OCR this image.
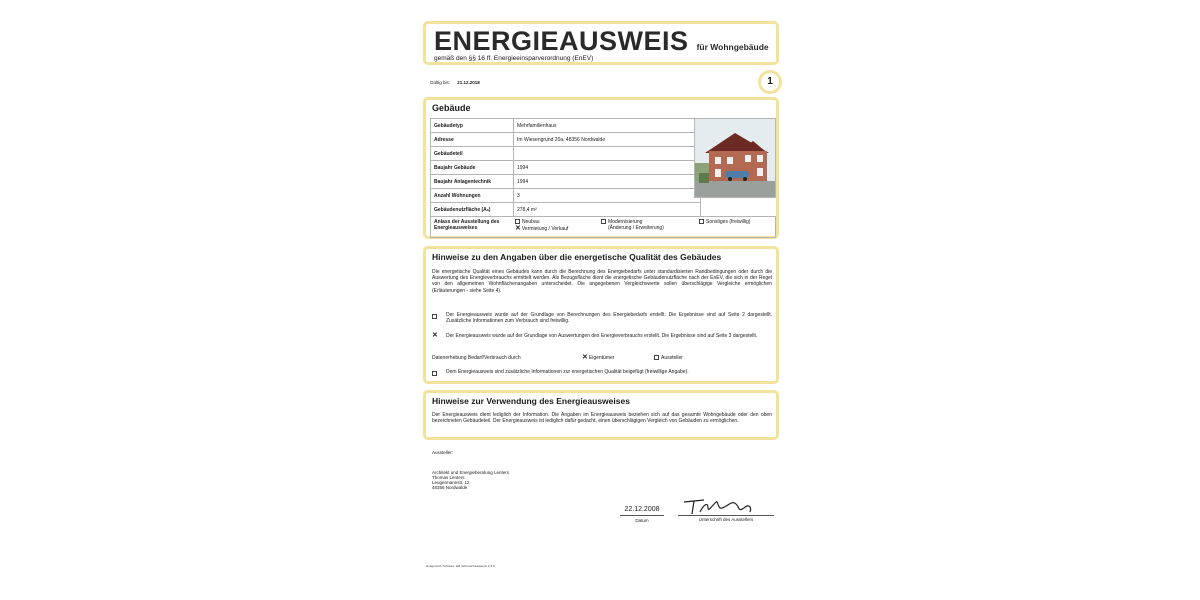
ENERGIEAUSWEIS für Wohngebäude
gemäß den §§ 16 ff. Energieeinsparverordnung (EnEV)
Gültig bis: 21.12.2018	1
Gebäude
Gebäudetyp	Mehrfamilienhaus
Adresse	Im Wiesengrund 20a, 48356 Nordwalde
Gebäudeteil	
Baujahr Gebäude	1994
Baujahr Anlagentechnik	1994
Anzahl Wohnungen	3
Gebäudenutzfläche (Aₙ)	278,4 m²
Anlass der Ausstellung des Energieausweises
Neubau
✕Vermietung / Verkauf
Modernisierung
(Änderung / Erweiterung)
Sonstiges (freiwillig)
Hinweise zu den Angaben über die energetische Qualität des Gebäudes
Die energetische Qualität eines Gebäudes kann durch die Berechnung des Energiebedarfs unter standardisierten Randbedingungen oder durch die Auswertung des Energieverbrauchs ermittelt werden. Als Bezugsfläche dient die energetische Gebäudenutzfläche nach der EnEV, die sich in der Regel von den allgemeinen Wohnflächenangaben unterscheidet. Die angegebenen Vergleichswerte sollen überschlägige Vergleiche ermöglichen (Erläuterungen - siehe Seite 4).
Der Energieausweis wurde auf der Grundlage von Berechnungen des Energiebedarfs erstellt. Die Ergebnisse sind auf Seite 2 dargestellt. Zusätzliche Informationen zum Verbrauch sind freiwillig.
✕ Der Energieausweis wurde auf der Grundlage von Auswertungen des Energieverbrauchs erstellt. Die Ergebnisse sind auf Seite 3 dargestellt.
Datenerhebung Bedarf/Verbrauch durch	✕Eigentümer	Aussteller
Dem Energieausweis sind zusätzliche Informationen zur energetischen Qualität beigefügt (freiwillige Angabe).
Hinweise zur Verwendung des Energieausweises
Der Energieausweis dient lediglich der Information. Die Angaben im Energieausweis beziehen sich auf das gesamte Wohngebäude oder den oben bezeichneten Gebäudeteil. Der Energieausweis ist lediglich dafür gedacht, einen überschlägigen Vergleich von Gebäuden zu ermöglichen.
Aussteller:
Architekt und Energieberatung Lenters
Thomas Lenters
Leugermannstr. 12
48356 Nordwalde
22.12.2008
Datum	Unterschrift des Ausstellers
Hottgenroth Software, ER Verbrauchsausweis 2.3.5
